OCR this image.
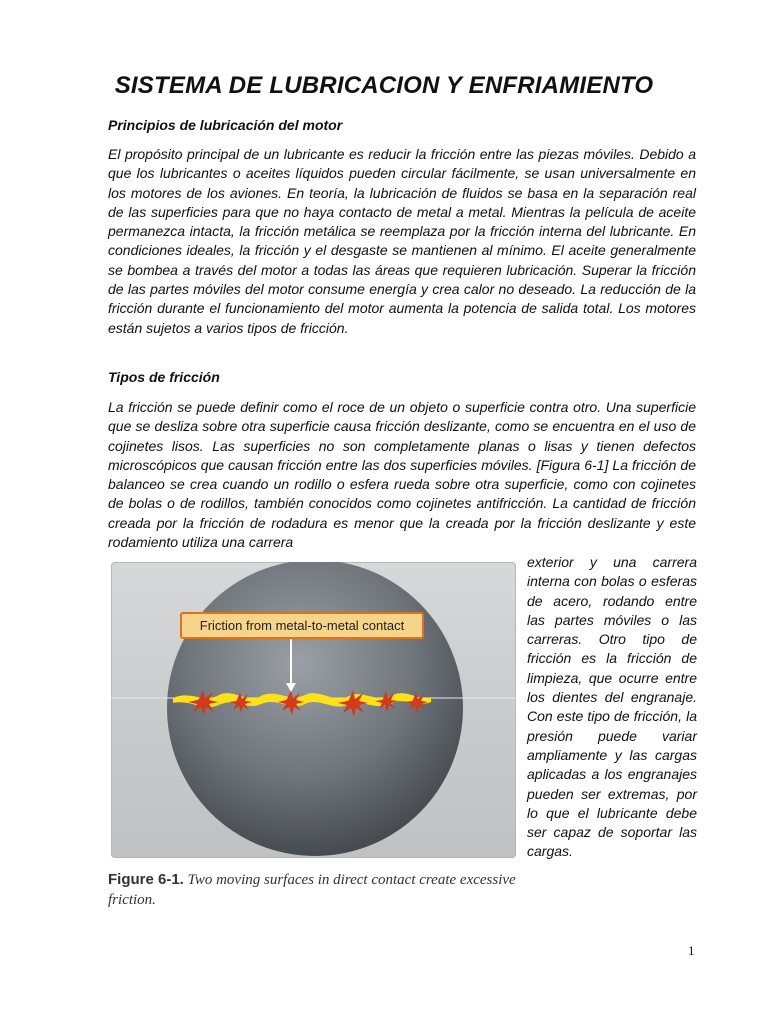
SISTEMA DE LUBRICACION Y ENFRIAMIENTO
Principios de lubricación del motor

El propósito principal de un lubricante es reducir la fricción entre las piezas móviles. Debido a que los lubricantes o aceites líquidos pueden circular fácilmente, se usan universalmente en los motores de los aviones. En teoría, la lubricación de fluidos se basa en la separación real de las superficies para que no haya contacto de metal a metal. Mientras la película de aceite permanezca intacta, la fricción metálica se reemplaza por la fricción interna del lubricante. En condiciones ideales, la fricción y el desgaste se mantienen al mínimo. El aceite generalmente se bombea a través del motor a todas las áreas que requieren lubricación. Superar la fricción de las partes móviles del motor consume energía y crea calor no deseado. La reducción de la fricción durante el funcionamiento del motor aumenta la potencia de salida total. Los motores están sujetos a varios tipos de fricción.

Tipos de fricción

La fricción se puede definir como el roce de un objeto o superficie contra otro. Una superficie que se desliza sobre otra superficie causa fricción deslizante, como se encuentra en el uso de cojinetes lisos. Las superficies no son completamente planas o lisas y tienen defectos microscópicos que causan fricción entre las dos superficies móviles. [Figura 6-1] La fricción de balanceo se crea cuando un rodillo o esfera rueda sobre otra superficie, como con cojinetes de bolas o de rodillos, también conocidos como cojinetes antifricción. La cantidad de fricción creada por la fricción de rodadura es menor que la creada por la fricción deslizante y este rodamiento utiliza una carrera

Friction from metal-to-metal contact

exterior y una carrera interna con bolas o esferas de acero, rodando entre las partes móviles o las carreras. Otro tipo de fricción es la fricción de limpieza, que ocurre entre los dientes del engranaje. Con este tipo de fricción, la presión puede variar ampliamente y las cargas aplicadas a los engranajes pueden ser extremas, por lo que el lubricante debe ser capaz de soportar las cargas.

Figure 6-1. Two moving surfaces in direct contact create excessive friction.
1
